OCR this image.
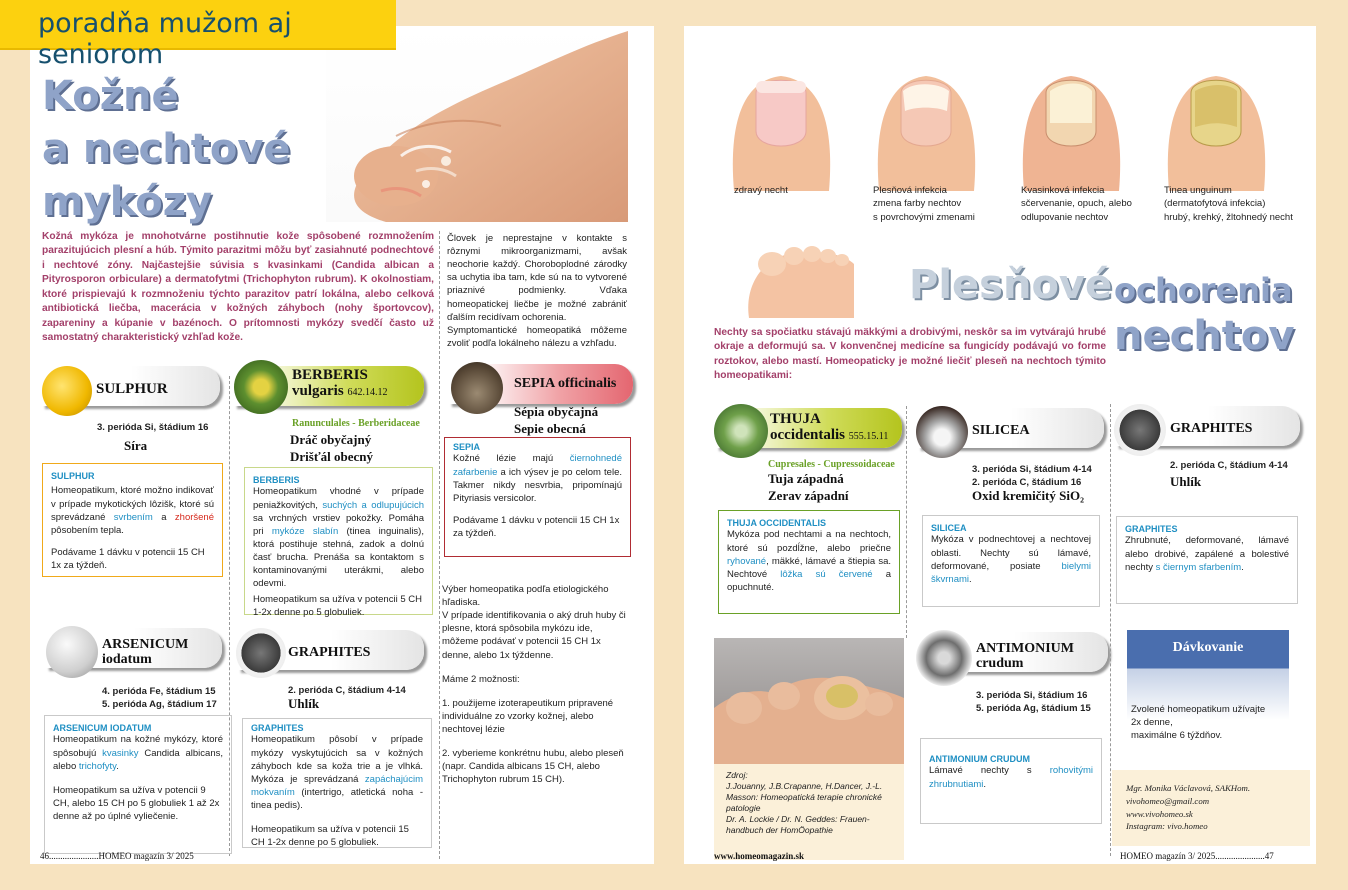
poradňa mužom aj seniorom
Kožné
a nechtové
mykózy

Kožná mykóza je mnohotvárne postihnutie kože spôsobené rozmnožením parazitujúcich plesní a húb. Týmito parazitmi môžu byť zasiahnuté podnechtové i nechtové zóny. Najčastejšie súvisia s kvasinkami (Candida albican a Pityrosporon orbiculare) a dermatofytmi (Trichophyton rubrum). K okolnostiam, ktoré prispievajú k rozmnoženiu týchto parazitov patrí lokálna, alebo celková antibiotická liečba, macerácia v kožných záhyboch (nohy športovcov), zapareniny a kúpanie v bazénoch. O prítomnosti mykózy svedčí často už samostatný charakteristický vzhľad kože.

Človek je neprestajne v kontakte s rôznymi mikroorganizmami, avšak neochorie každý. Choroboplodné zárodky sa uchytia iba tam, kde sú na to vytvorené priaznivé podmienky. Vďaka homeopatickej liečbe je možné zabrániť ďalším recidívam ochorenia.

Symptomantické homeopatiká môžeme zvoliť podľa lokálneho nálezu a vzhľadu.

SULPHUR
3. perióda Si, štádium 16
Síra
SULPHUR

Homeopatikum, ktoré možno indikovať v prípade mykotických lôzišk, ktoré sú sprevádzané svrbením a zhoršené pôsobením tepla.

Podávame 1 dávku v potencii 15 CH 1x za týždeň.

BERBERIS
vulgaris 642.14.12
Ranunculales - Berberidaceae
Dráč obyčajný
Drišťál obecný
BERBERIS

Homeopatikum vhodné v prípade peniažkovitých, suchých a odlupujúcich sa vrchných vrstiev pokožky. Pomáha pri mykóze slabín (tinea inguinalis), ktorá postihuje stehná, zadok a dolnú časť brucha. Prenáša sa kontaktom s kontaminovanými uterákmi, alebo odevmi.

Homeopatikum sa užíva v potencii 5 CH 1-2x denne po 5 globuliek.

SEPIA officinalis
Sépia obyčajná
Sepie obecná
SEPIA

Kožné lézie majú čiernohnedé zafarbenie a ich výsev je po celom tele. Takmer nikdy nesvrbia, pripomínajú Pityriasis versicolor.

Podávame 1 dávku v potencii 15 CH 1x za týždeň.

Výber homeopatika podľa etiologického hľadiska.

V prípade identifikovania o aký druh huby či plesne, ktorá spôsobila mykózu ide, môžeme podávať v potencii 15 CH 1x denne, alebo 1x týždenne.

Máme 2 možnosti:

1. použijeme izoterapeutikum pripravené individuálne zo vzorky kožnej, alebo nechtovej lézie

2. vyberieme konkrétnu hubu, alebo pleseň (napr. Candida albicans 15 CH, alebo Trichophyton rubrum 15 CH).

ARSENICUM
iodatum
4. perióda Fe, štádium 15
5. perióda Ag, štádium 17
ARSENICUM IODATUM

Homeopatikum na kožné mykózy, ktoré spôsobujú kvasinky Candida albicans, alebo trichofyty.

Homeopatikum sa užíva v potencii 9 CH, alebo 15 CH po 5 globuliek 1 až 2x denne až po úplné vyliečenie.

GRAPHITES
2. perióda C, štádium 4-14
Uhlík
GRAPHITES

Homeopatikum pôsobí v prípade mykózy vyskytujúcich sa v kožných záhyboch kde sa koža trie a je vlhká. Mykóza je sprevádzaná zapáchajúcim mokvaním (intertrigo, atletická noha - tinea pedis).

Homeopatikum sa užíva v potencii 15 CH 1-2x denne po 5 globuliek.

46......................HOMEO magazín 3/ 2025
zdravý necht	Plesňová infekcia
zmena farby nechtov
s povrchovými zmenami
Kvasinková infekcia
sčervenanie, opuch, alebo
odlupovanie nechtov
Tinea unguinum
(dermatofytová infekcia)
hrubý, krehký, žltohnedý necht
Plesňové ochorenia
nechtov

Nechty sa spočiatku stávajú mäkkými a drobivými, neskôr sa im vytvárajú hrubé okraje a deformujú sa. V konvenčnej medicíne sa fungicídy podávajú vo forme roztokov, alebo mastí. Homeopaticky je možné liečiť pleseň na nechtoch týmito homeopatikami:

THUJA
occidentalis 555.15.11
Cupresales - Cupressoidaceae
Tuja západná
Zerav západní
THUJA OCCIDENTALIS

Mykóza pod nechtami a na nechtoch, ktoré sú pozdĺžne, alebo priečne ryhované, mäkké, lámavé a štiepia sa. Nechtové lôžka sú červené a opuchnuté.

SILICEA
3. perióda Si, štádium 4-14
2. perióda C, štádium 16
Oxid kremičitý SiO₂
SILICEA

Mykóza v podnechtovej a nechtovej oblasti. Nechty sú lámavé, deformované, posiate bielymi škvrnami.

GRAPHITES
2. perióda C, štádium 4-14
Uhlík
GRAPHITES

Zhrubnuté, deformované, lámavé alebo drobivé, zapálené a bolestivé nechty s čiernym sfarbením.

Zdroj:
J.Jouanny, J.B.Crapanne, H.Dancer, J.-L. Masson: Homeopatická terapie chronické patologie
Dr. A. Lockie / Dr. N. Geddes: Frauen-handbuch der HomÖopathie
ANTIMONIUM
crudum
3. perióda Si, štádium 16
5. perióda Ag, štádium 15
ANTIMONIUM CRUDUM

Lámavé nechty s rohovitými zhrubnutiami.

Dávkovanie
Zvolené homeopatikum užívajte
2x denne,
maximálne 6 týždňov.
Mgr. Monika Václavová, SAKHom.
vivohomeo@gmail.com
www.vivohomeo.sk
Instagram: vivo.homeo
www.homeomagazin.sk	HOMEO magazín 3/ 2025......................47
